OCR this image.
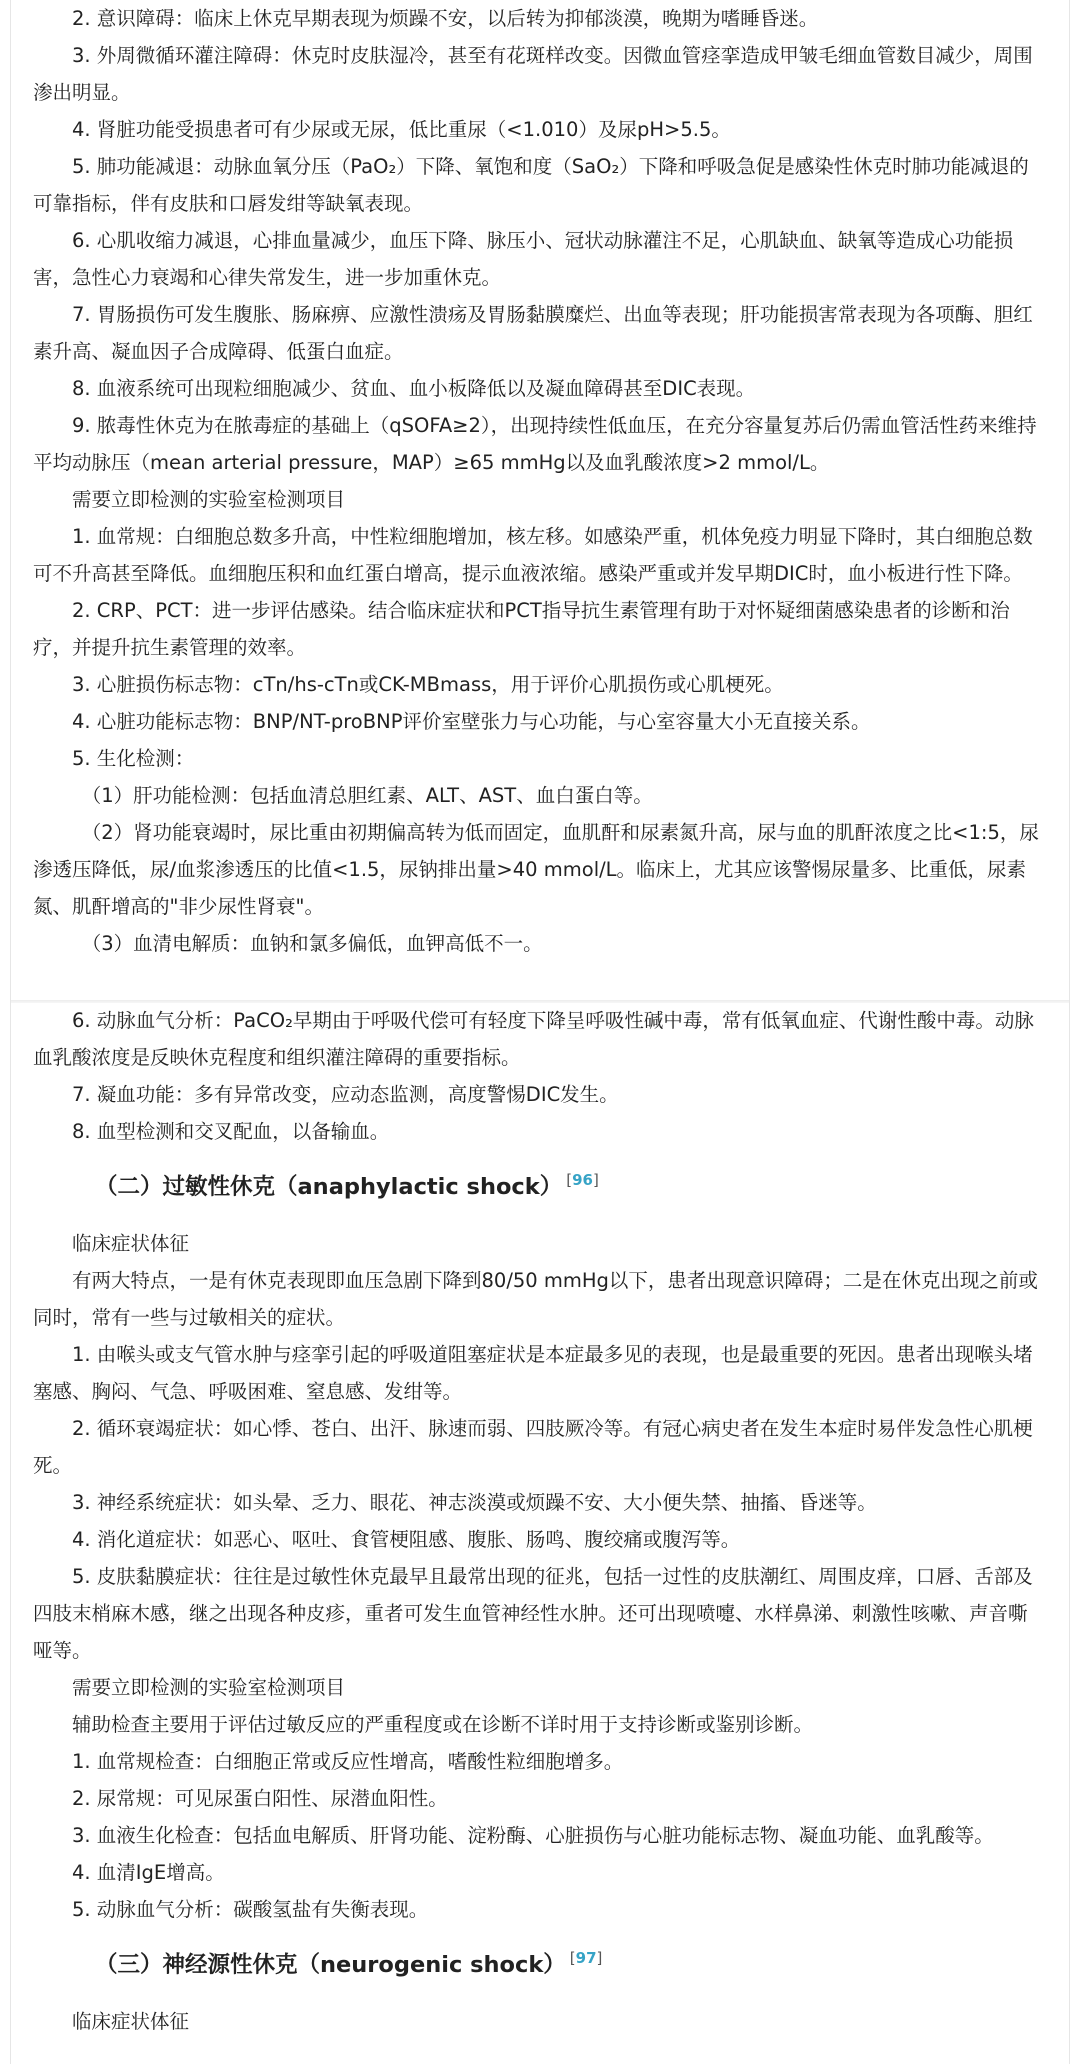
2. 意识障碍：临床上休克早期表现为烦躁不安，以后转为抑郁淡漠，晚期为嗜睡昏迷。

3. 外周微循环灌注障碍：休克时皮肤湿冷，甚至有花斑样改变。因微血管痉挛造成甲皱毛细血管数目减少，周围渗出明显。

4. 肾脏功能受损患者可有少尿或无尿，低比重尿（<1.010）及尿pH>5.5。

5. 肺功能减退：动脉血氧分压（PaO₂）下降、氧饱和度（SaO₂）下降和呼吸急促是感染性休克时肺功能减退的可靠指标，伴有皮肤和口唇发绀等缺氧表现。

6. 心肌收缩力减退，心排血量减少，血压下降、脉压小、冠状动脉灌注不足，心肌缺血、缺氧等造成心功能损害，急性心力衰竭和心律失常发生，进一步加重休克。

7. 胃肠损伤可发生腹胀、肠麻痹、应激性溃疡及胃肠黏膜糜烂、出血等表现；肝功能损害常表现为各项酶、胆红素升高、凝血因子合成障碍、低蛋白血症。

8. 血液系统可出现粒细胞减少、贫血、血小板降低以及凝血障碍甚至DIC表现。

9. 脓毒性休克为在脓毒症的基础上（qSOFA≥2），出现持续性低血压，在充分容量复苏后仍需血管活性药来维持平均动脉压（mean arterial pressure，MAP）≥65 mmHg以及血乳酸浓度>2 mmol/L。

需要立即检测的实验室检测项目

1. 血常规：白细胞总数多升高，中性粒细胞增加，核左移。如感染严重，机体免疫力明显下降时，其白细胞总数可不升高甚至降低。血细胞压积和血红蛋白增高，提示血液浓缩。感染严重或并发早期DIC时，血小板进行性下降。

2. CRP、PCT：进一步评估感染。结合临床症状和PCT指导抗生素管理有助于对怀疑细菌感染患者的诊断和治疗，并提升抗生素管理的效率。

3. 心脏损伤标志物：cTn/hs-cTn或CK-MBmass，用于评价心肌损伤或心肌梗死。

4. 心脏功能标志物：BNP/NT-proBNP评价室壁张力与心功能，与心室容量大小无直接关系。

5. 生化检测：

（1）肝功能检测：包括血清总胆红素、ALT、AST、血白蛋白等。

（2）肾功能衰竭时，尿比重由初期偏高转为低而固定，血肌酐和尿素氮升高，尿与血的肌酐浓度之比<1:5，尿渗透压降低，尿/血浆渗透压的比值<1.5，尿钠排出量>40 mmol/L。临床上，尤其应该警惕尿量多、比重低，尿素氮、肌酐增高的"非少尿性肾衰"。

（3）血清电解质：血钠和氯多偏低，血钾高低不一。

6. 动脉血气分析：PaCO₂早期由于呼吸代偿可有轻度下降呈呼吸性碱中毒，常有低氧血症、代谢性酸中毒。动脉血乳酸浓度是反映休克程度和组织灌注障碍的重要指标。

7. 凝血功能：多有异常改变，应动态监测，高度警惕DIC发生。

8. 血型检测和交叉配血，以备输血。

（二）过敏性休克（anaphylactic shock） [96]

临床症状体征

有两大特点，一是有休克表现即血压急剧下降到80/50 mmHg以下，患者出现意识障碍；二是在休克出现之前或同时，常有一些与过敏相关的症状。

1. 由喉头或支气管水肿与痉挛引起的呼吸道阻塞症状是本症最多见的表现，也是最重要的死因。患者出现喉头堵塞感、胸闷、气急、呼吸困难、窒息感、发绀等。

2. 循环衰竭症状：如心悸、苍白、出汗、脉速而弱、四肢厥冷等。有冠心病史者在发生本症时易伴发急性心肌梗死。

3. 神经系统症状：如头晕、乏力、眼花、神志淡漠或烦躁不安、大小便失禁、抽搐、昏迷等。

4. 消化道症状：如恶心、呕吐、食管梗阻感、腹胀、肠鸣、腹绞痛或腹泻等。

5. 皮肤黏膜症状：往往是过敏性休克最早且最常出现的征兆，包括一过性的皮肤潮红、周围皮痒，口唇、舌部及四肢末梢麻木感，继之出现各种皮疹，重者可发生血管神经性水肿。还可出现喷嚏、水样鼻涕、刺激性咳嗽、声音嘶哑等。

需要立即检测的实验室检测项目

辅助检查主要用于评估过敏反应的严重程度或在诊断不详时用于支持诊断或鉴别诊断。

1. 血常规检查：白细胞正常或反应性增高，嗜酸性粒细胞增多。

2. 尿常规：可见尿蛋白阳性、尿潜血阳性。

3. 血液生化检查：包括血电解质、肝肾功能、淀粉酶、心脏损伤与心脏功能标志物、凝血功能、血乳酸等。

4. 血清IgE增高。

5. 动脉血气分析：碳酸氢盐有失衡表现。

（三）神经源性休克（neurogenic shock） [97]

临床症状体征
